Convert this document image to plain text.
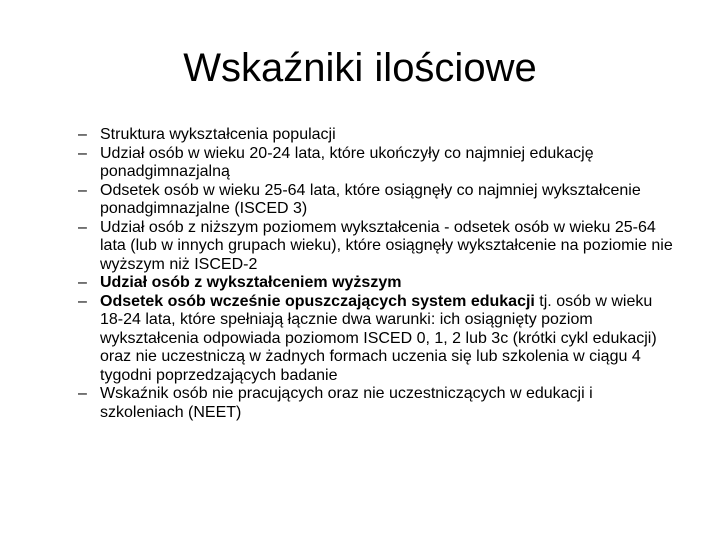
Wskaźniki ilościowe
– Struktura wykształcenia populacji
– Udział osób w wieku 20-24 lata, które ukończyły co najmniej edukację ponadgimnazjalną
– Odsetek osób w wieku 25-64 lata, które osiągnęły co najmniej wykształcenie ponadgimnazjalne (ISCED 3)
– Udział osób z niższym poziomem wykształcenia - odsetek osób w wieku 25-64 lata (lub w innych grupach wieku), które osiągnęły wykształcenie na poziomie nie wyższym niż ISCED-2
– Udział osób z wykształceniem wyższym
– Odsetek osób wcześnie opuszczających system edukacji tj. osób w wieku 18-24 lata, które spełniają łącznie dwa warunki: ich osiągnięty poziom wykształcenia odpowiada poziomom ISCED 0, 1, 2 lub 3c (krótki cykl edukacji) oraz nie uczestniczą w żadnych formach uczenia się lub szkolenia w ciągu 4 tygodni poprzedzających badanie
– Wskaźnik osób nie pracujących oraz nie uczestniczących w edukacji i szkoleniach (NEET)
